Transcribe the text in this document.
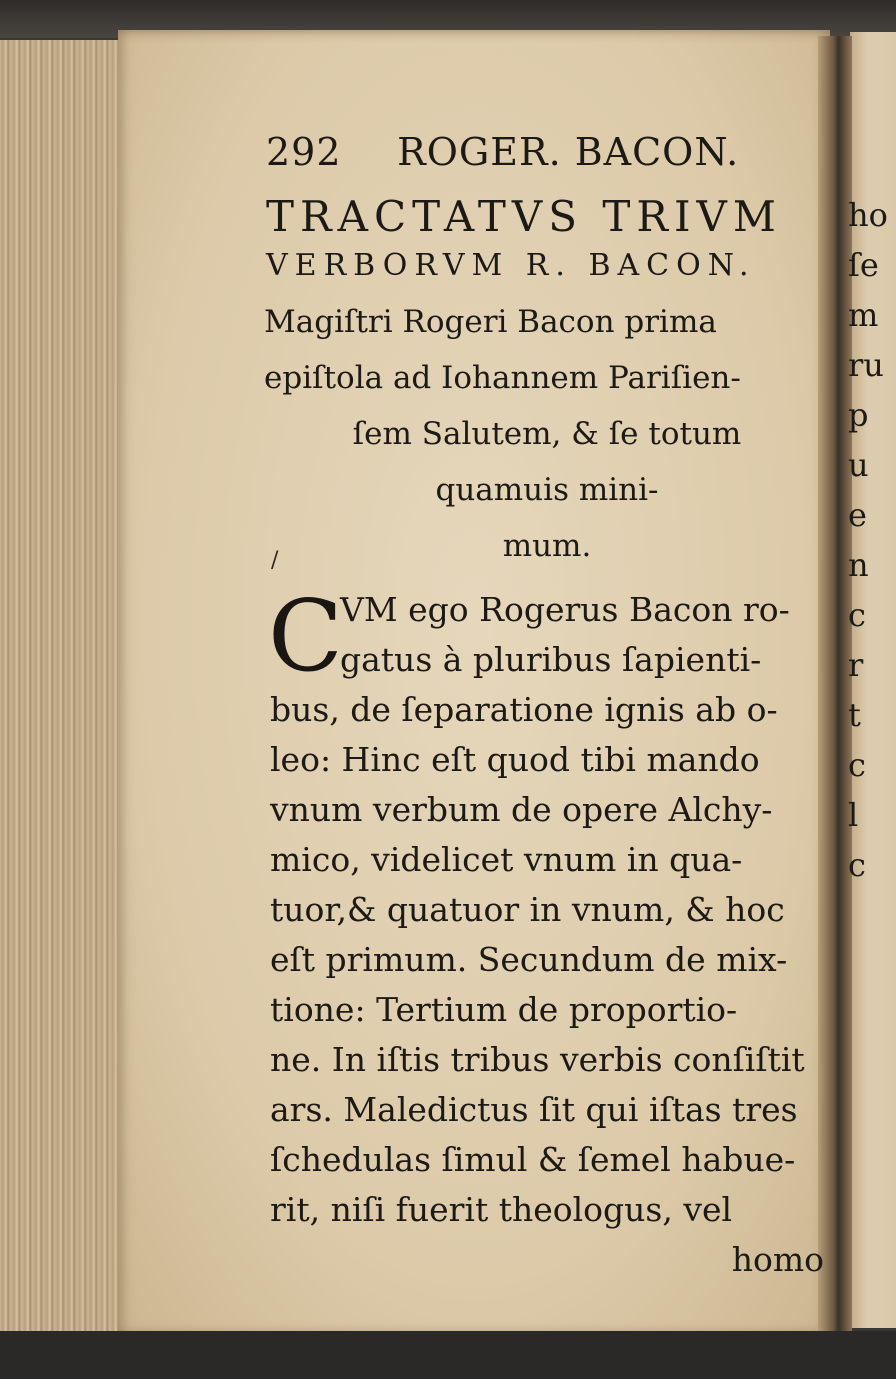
292 ROGER. BACON.
TRACTATVS TRIVM
VERBORVM R. BACON.
Magiſtri Rogeri Bacon prima
epiſtola ad Iohannem Pariſien-
ſem Salutem, & ſe totum
quamuis mini-
mum.
/
C
VM ego Rogerus Bacon ro-
gatus à pluribus ſapienti-
bus, de ſeparatione ignis ab o-
leo: Hinc eſt quod tibi mando
vnum verbum de opere Alchy-
mico, videlicet vnum in qua-
tuor,& quatuor in vnum, & hoc
eſt primum. Secundum de mix-
tione: Tertium de proportio-
ne. In iſtis tribus verbis conſiſtit
ars. Maledictus ſit qui iſtas tres
ſchedulas ſimul & ſemel habue-
rit, niſi fuerit theologus, vel
homo
ho
ſe
m
ru
p
u
e
n
c
r
t
c
l
c
